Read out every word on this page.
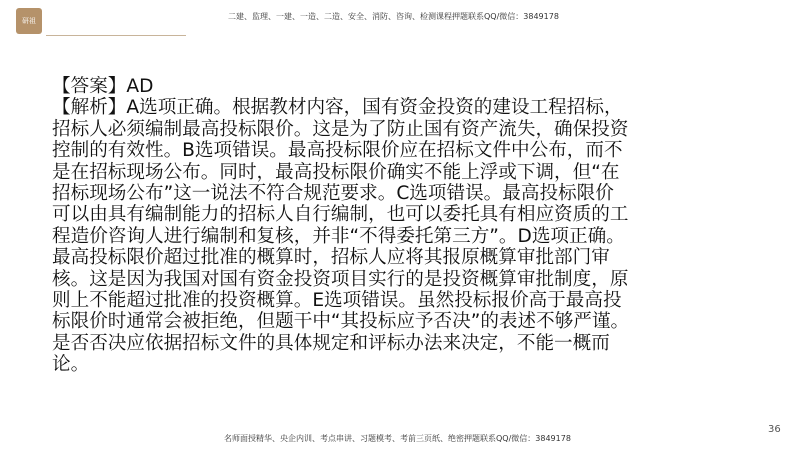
研祖	二建、监理、一建、一造、二造、安全、消防、咨询、检测课程押题联系QQ/微信：3849178

【答案】AD

【解析】A选项正确。根据教材内容，国有资金投资的建设工程招标，招标人必须编制最高投标限价。这是为了防止国有资产流失，确保投资控制的有效性。B选项错误。最高投标限价应在招标文件中公布，而不是在招标现场公布。同时，最高投标限价确实不能上浮或下调，但“在招标现场公布”这一说法不符合规范要求。C选项错误。最高投标限价可以由具有编制能力的招标人自行编制，也可以委托具有相应资质的工程造价咨询人进行编制和复核，并非“不得委托第三方”。D选项正确。最高投标限价超过批准的概算时，招标人应将其报原概算审批部门审核。这是因为我国对国有资金投资项目实行的是投资概算审批制度，原则上不能超过批准的投资概算。E选项错误。虽然投标报价高于最高投标限价时通常会被拒绝，但题干中“其投标应予否决”的表述不够严谨。是否否决应依据招标文件的具体规定和评标办法来决定，不能一概而论。

36
名师面授精华、央企内训、考点串讲、习题模考、考前三页纸、绝密押题联系QQ/微信：3849178
